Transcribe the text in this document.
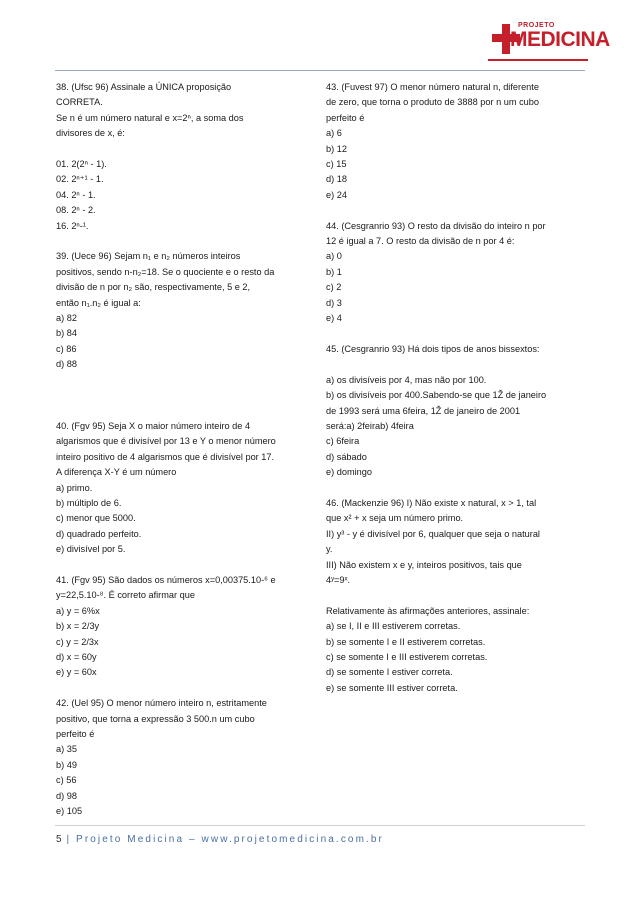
PROJETO
MEDICINA

38. (Ufsc 96) Assinale a ÚNICA proposição

CORRETA.

Se n é um número natural e x=2ⁿ, a soma dos

divisores de x, é:

01. 2(2ⁿ - 1).

02. 2ⁿ⁺¹ - 1.

04. 2ⁿ - 1.

08. 2ⁿ - 2.

16. 2ⁿ-¹.

39. (Uece 96) Sejam n₁ e n₂ números inteiros

positivos, sendo n-n₂=18. Se o quociente e o resto da

divisão de n por n₂ são, respectivamente, 5 e 2,

então n₁.n₂ é igual a:

a) 82

b) 84

c) 86

d) 88

40. (Fgv 95) Seja X o maior número inteiro de 4

algarismos que é divisível por 13 e Y o menor número

inteiro positivo de 4 algarismos que é divisível por 17.

A diferença X-Y é um número

a) primo.

b) múltiplo de 6.

c) menor que 5000.

d) quadrado perfeito.

e) divisível por 5.

41. (Fgv 95) São dados os números x=0,00375.10-⁶ e

y=22,5.10-⁸. É correto afirmar que

a) y = 6%x

b) x = 2/3y

c) y = 2/3x

d) x = 60y

e) y = 60x

42. (Uel 95) O menor número inteiro n, estritamente

positivo, que torna a expressão 3 500.n um cubo

perfeito é

a) 35

b) 49

c) 56

d) 98

e) 105

43. (Fuvest 97) O menor número natural n, diferente

de zero, que torna o produto de 3888 por n um cubo

perfeito é

a) 6

b) 12

c) 15

d) 18

e) 24

44. (Cesgranrio 93) O resto da divisão do inteiro n por

12 é igual a 7. O resto da divisão de n por 4 é:

a) 0

b) 1

c) 2

d) 3

e) 4

45. (Cesgranrio 93) Há dois tipos de anos bissextos:

a) os divisíveis por 4, mas não por 100.

b) os divisíveis por 400.Sabendo-se que 1Ž de janeiro

de 1993 será uma 6feira, 1Ž de janeiro de 2001

será:a) 2feirab) 4feira

c) 6feira

d) sábado

e) domingo

46. (Mackenzie 96) I) Não existe x natural, x > 1, tal

que x² + x seja um número primo.

II) y³ - y é divisível por 6, qualquer que seja o natural

y.

III) Não existem x e y, inteiros positivos, tais que

4ʸ=9ˣ.

Relativamente às afirmações anteriores, assinale:

a) se I, II e III estiverem corretas.

b) se somente I e II estiverem corretas.

c) se somente I e III estiverem corretas.

d) se somente I estiver correta.

e) se somente III estiver correta.

5 | Projeto Medicina – www.projetomedicina.com.br
